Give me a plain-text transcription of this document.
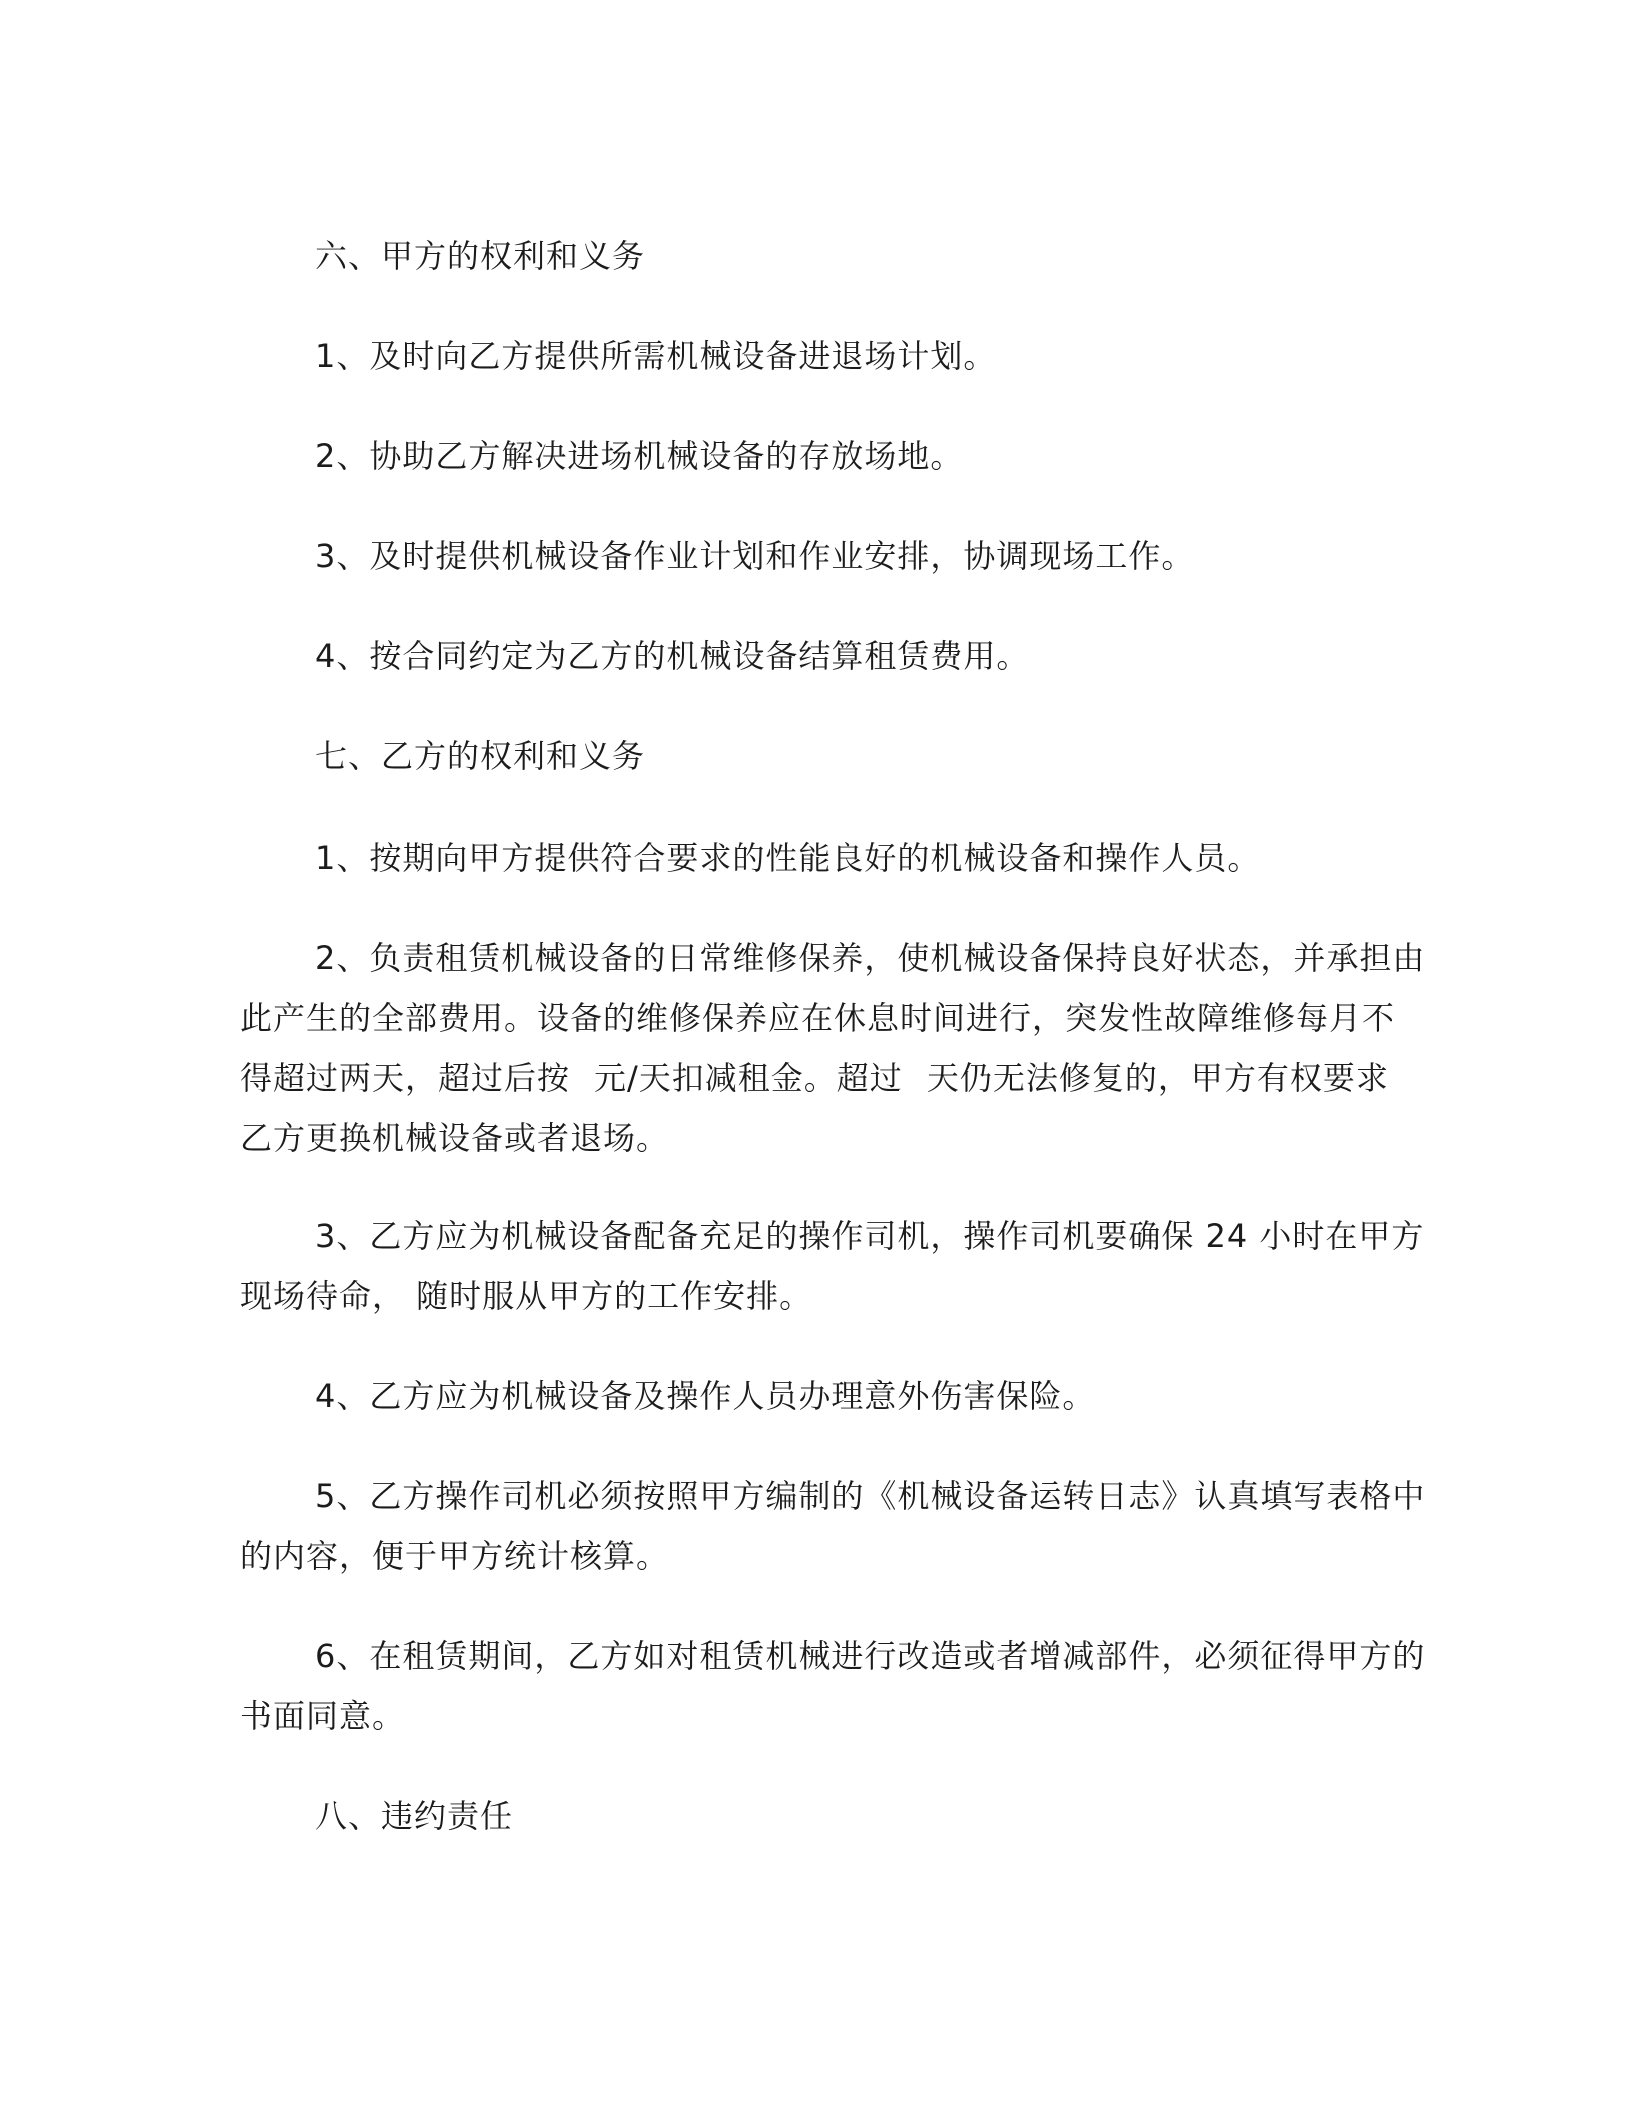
六、甲方的权利和义务
1、及时向乙方提供所需机械设备进退场计划。
2、协助乙方解决进场机械设备的存放场地。
3、及时提供机械设备作业计划和作业安排，协调现场工作。
4、按合同约定为乙方的机械设备结算租赁费用。
七、乙方的权利和义务
1、按期向甲方提供符合要求的性能良好的机械设备和操作人员。
2、负责租赁机械设备的日常维修保养，使机械设备保持良好状态，并承担由
此产生的全部费用。设备的维修保养应在休息时间进行，突发性故障维修每月不
得超过两天，超过后按 元/天扣减租金。超过 天仍无法修复的，甲方有权要求
乙方更换机械设备或者退场。
3、乙方应为机械设备配备充足的操作司机，操作司机要确保 24 小时在甲方
现场待命， 随时服从甲方的工作安排。
4、乙方应为机械设备及操作人员办理意外伤害保险。
5、乙方操作司机必须按照甲方编制的《机械设备运转日志》认真填写表格中
的内容，便于甲方统计核算。
6、在租赁期间，乙方如对租赁机械进行改造或者增减部件，必须征得甲方的
书面同意。
八、违约责任
